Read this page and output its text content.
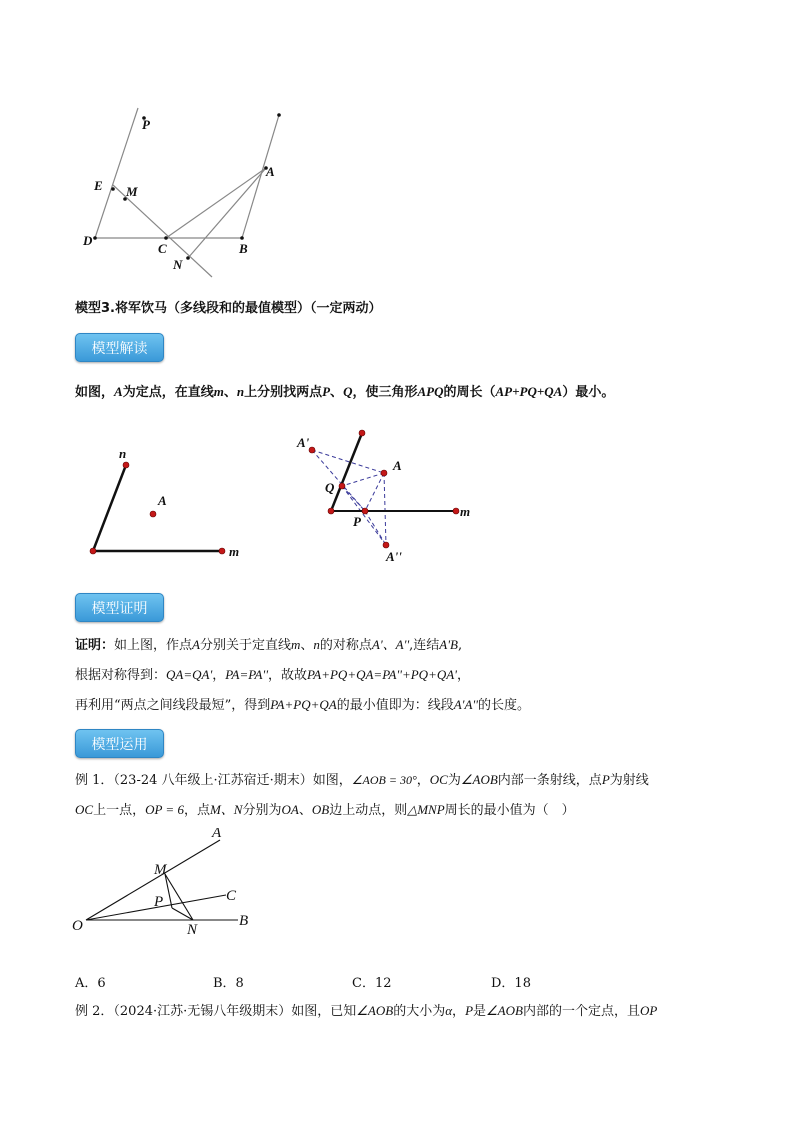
P
A
E M
D
C	B
N
模型3.将军饮马（多线段和的最值模型）（一定两动）
模型解读
如图，A为定点，在直线m、n上分别找两点P、Q，使三角形APQ的周长（AP+PQ+QA）最小。
n
A
m
A'
A
Q
P
m
A''
模型证明
证明：如上图，作点A分别关于定直线m、n的对称点A'、A'',连结A'B,
根据对称得到：QA=QA'，PA=PA''，故故PA+PQ+QA=PA''+PQ+QA'，
再利用“两点之间线段最短”，得到PA+PQ+QA的最小值即为：线段A'A''的长度。
模型运用
例 1．（23-24 八年级上·江苏宿迁·期末）如图，∠AOB = 30°，OC为∠AOB内部一条射线，点P为射线
OC上一点，OP = 6，点M、N分别为OA、OB边上动点，则△MNP周长的最小值为（　）
A
M
C
P
O	N
B
A．6	B．8	C．12	D．18
例 2．（2024·江苏·无锡八年级期末）如图，已知∠AOB的大小为α，P是∠AOB内部的一个定点，且OP
